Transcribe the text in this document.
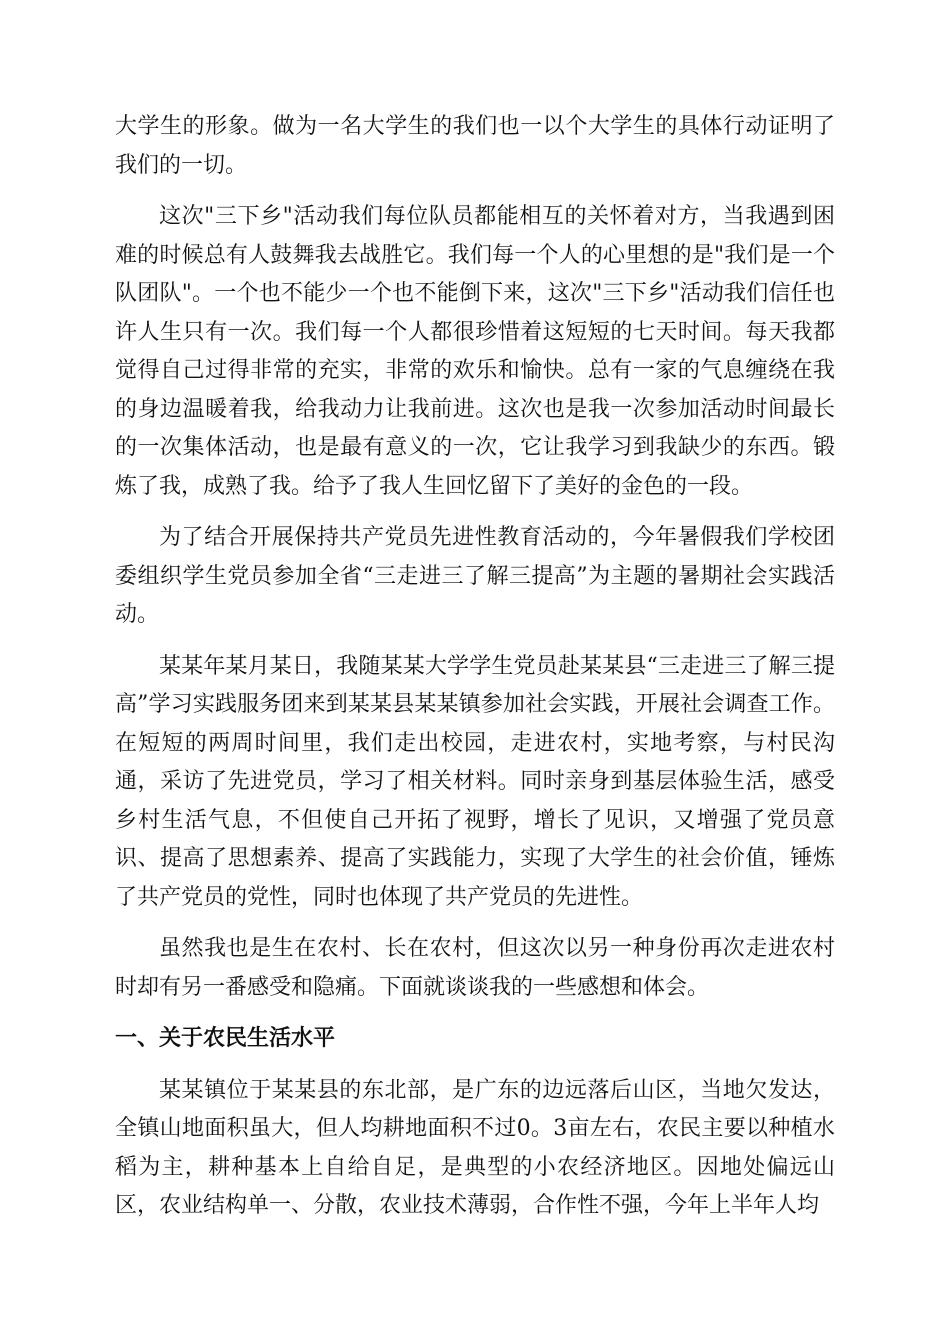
大学生的形象。做为一名大学生的我们也一以个大学生的具体行动证明了我们的一切。

这次"三下乡"活动我们每位队员都能相互的关怀着对方，当我遇到困难的时候总有人鼓舞我去战胜它。我们每一个人的心里想的是"我们是一个队团队"。一个也不能少一个也不能倒下来，这次"三下乡"活动我们信任也许人生只有一次。我们每一个人都很珍惜着这短短的七天时间。每天我都觉得自己过得非常的充实，非常的欢乐和愉快。总有一家的气息缠绕在我的身边温暖着我，给我动力让我前进。这次也是我一次参加活动时间最长的一次集体活动，也是最有意义的一次，它让我学习到我缺少的东西。锻炼了我，成熟了我。给予了我人生回忆留下了美好的金色的一段。

为了结合开展保持共产党员先进性教育活动的，今年暑假我们学校团委组织学生党员参加全省“三走进三了解三提高”为主题的暑期社会实践活动。

某某年某月某日，我随某某大学学生党员赴某某县“三走进三了解三提高”学习实践服务团来到某某县某某镇参加社会实践，开展社会调查工作。在短短的两周时间里，我们走出校园，走进农村，实地考察，与村民沟通，采访了先进党员，学习了相关材料。同时亲身到基层体验生活，感受乡村生活气息，不但使自己开拓了视野，增长了见识，又增强了党员意识、提高了思想素养、提高了实践能力，实现了大学生的社会价值，锤炼了共产党员的党性，同时也体现了共产党员的先进性。

虽然我也是生在农村、长在农村，但这次以另一种身份再次走进农村时却有另一番感受和隐痛。下面就谈谈我的一些感想和体会。

一、关于农民生活水平

某某镇位于某某县的东北部，是广东的边远落后山区，当地欠发达，全镇山地面积虽大，但人均耕地面积不过0。3亩左右，农民主要以种植水稻为主，耕种基本上自给自足，是典型的小农经济地区。因地处偏远山区，农业结构单一、分散，农业技术薄弱，合作性不强，今年上半年人均
